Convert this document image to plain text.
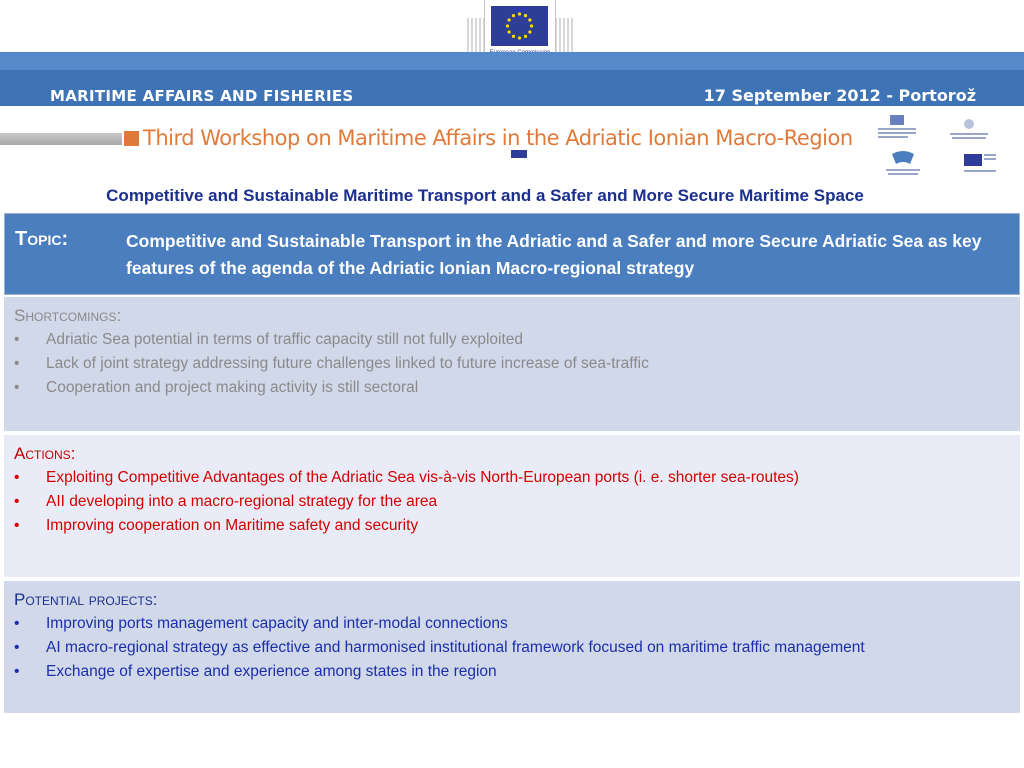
MARITIME AFFAIRS AND FISHERIES	17 September 2012 - Portorož
Third Workshop on Maritime Affairs in the Adriatic Ionian Macro-Region
Competitive and Sustainable Maritime Transport and a Safer and More Secure Maritime Space
Topic:	Competitive and Sustainable Transport in the Adriatic and a Safer and more Secure Adriatic Sea as key features of the agenda of the Adriatic Ionian Macro-regional strategy
Shortcomings:
• Adriatic Sea potential in terms of traffic capacity still not fully exploited
• Lack of joint strategy addressing future challenges linked to future increase of sea-traffic
• Cooperation and project making activity is still sectoral
Actions:
• Exploiting Competitive Advantages of the Adriatic Sea vis-à-vis North-European ports (i. e. shorter sea-routes)
• AII developing into a macro-regional strategy for the area
• Improving cooperation on Maritime safety and security
Potential projects:
• Improving ports management capacity and inter-modal connections
• AI macro-regional strategy as effective and harmonised institutional framework focused on maritime traffic management
• Exchange of expertise and experience among states in the region
